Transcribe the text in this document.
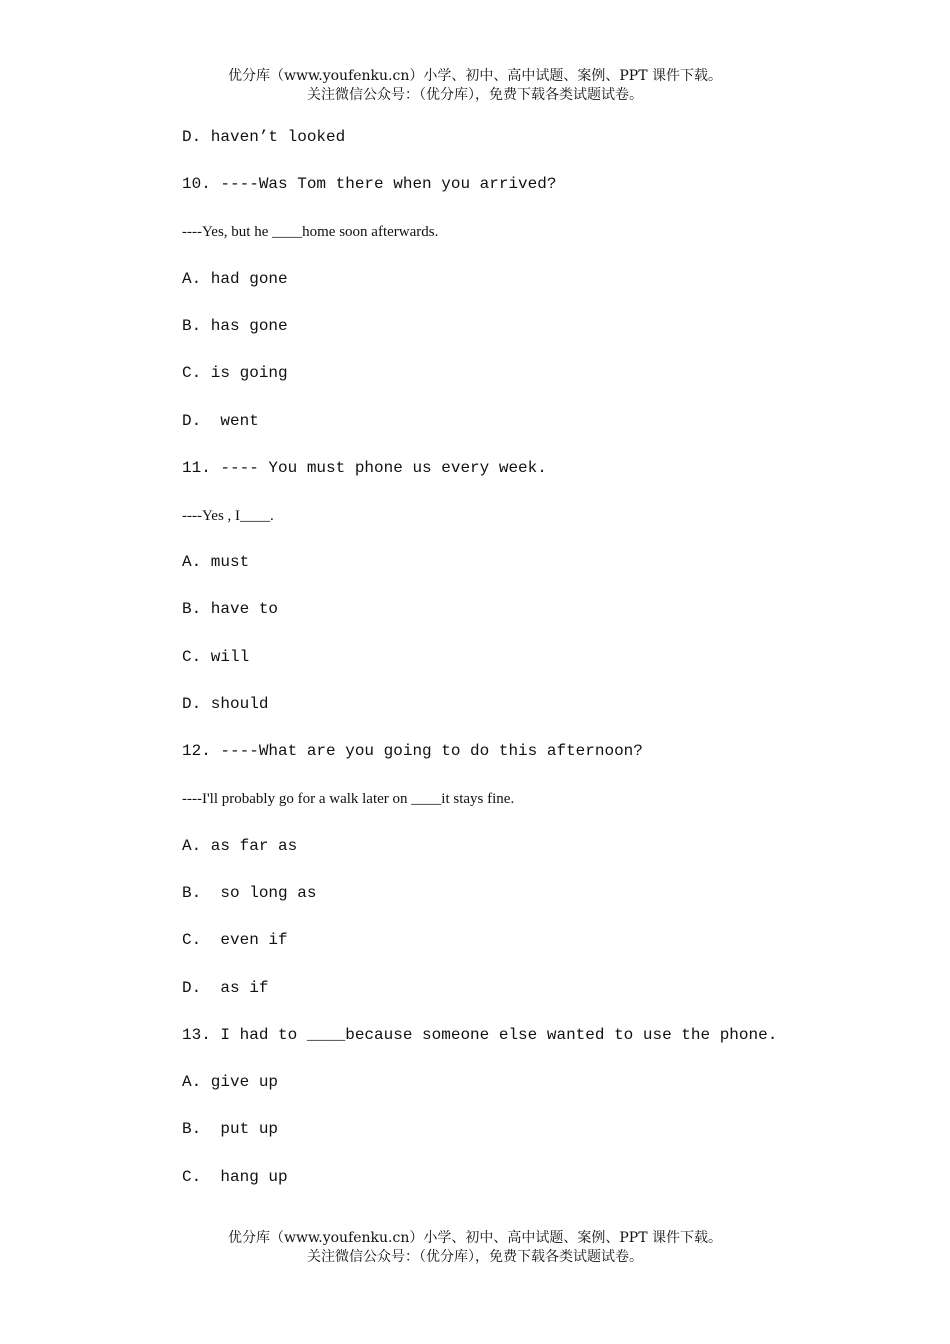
优分库（www.youfenku.cn）小学、初中、高中试题、案例、PPT 课件下载。
关注微信公众号：（优分库），免费下载各类试题试卷。
D. haven’t looked
10. ----Was Tom there when you arrived?
----Yes, but he ____home soon afterwards.
A. had gone
B. has gone
C. is going
D.  went
11. ---- You must phone us every week.
----Yes , I____.
A. must
B. have to
C. will
D. should
12. ----What are you going to do this afternoon?
----I'll probably go for a walk later on ____it stays fine.
A. as far as
B.  so long as
C.  even if
D.  as if
13. I had to ____because someone else wanted to use the phone.
A. give up
B.  put up
C.  hang up
优分库（www.youfenku.cn）小学、初中、高中试题、案例、PPT 课件下载。
关注微信公众号：（优分库），免费下载各类试题试卷。
